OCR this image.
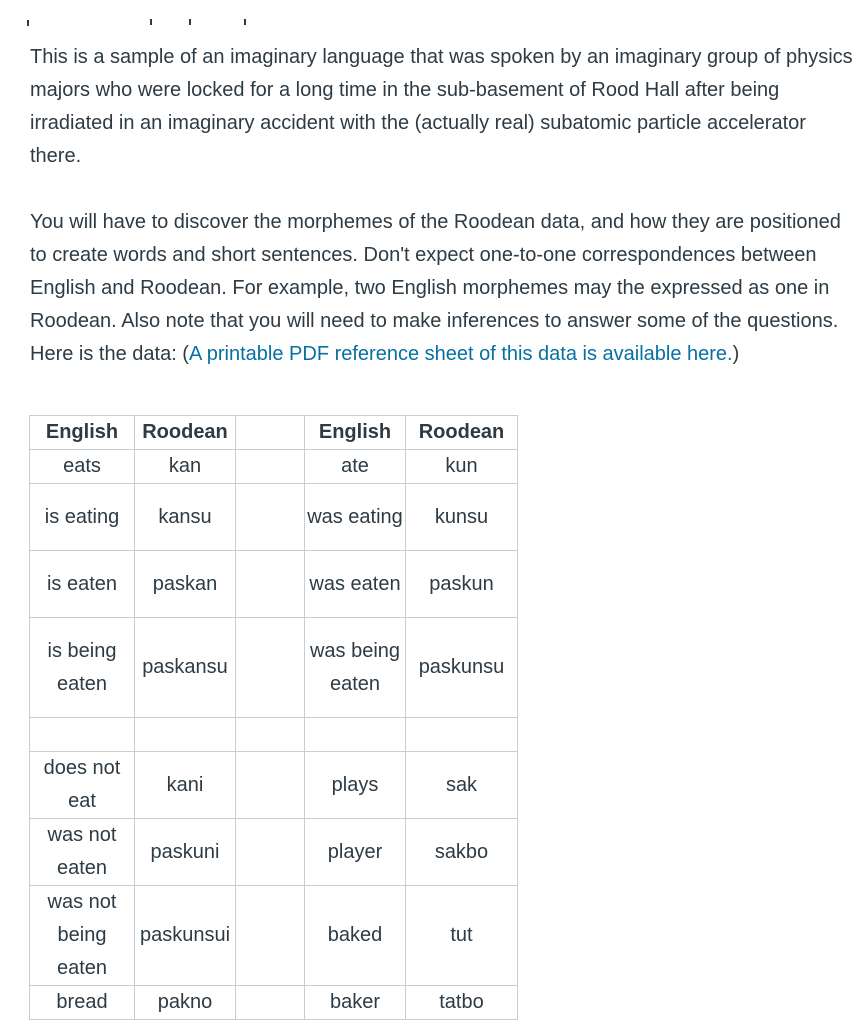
This is a sample of an imaginary language that was spoken by an imaginary group of physics majors who were locked for a long time in the sub-basement of Rood Hall after being irradiated in an imaginary accident with the (actually real) subatomic particle accelerator there.

You will have to discover the morphemes of the Roodean data, and how they are positioned to create words and short sentences. Don't expect one-to-one correspondences between English and Roodean. For example, two English morphemes may the expressed as one in Roodean. Also note that you will need to make inferences to answer some of the questions. Here is the data: (A printable PDF reference sheet of this data is available here.)

English	Roodean		English	Roodean
eats	kan		ate	kun
is eating	kansu		was eating	kunsu
is eaten	paskan		was eaten	paskun
is being eaten	paskansu		was being eaten	paskunsu

does not eat	kani		plays	sak
was not eaten	paskuni		player	sakbo
was not being eaten	paskunsui		baked	tut
bread	pakno		baker	tatbo
